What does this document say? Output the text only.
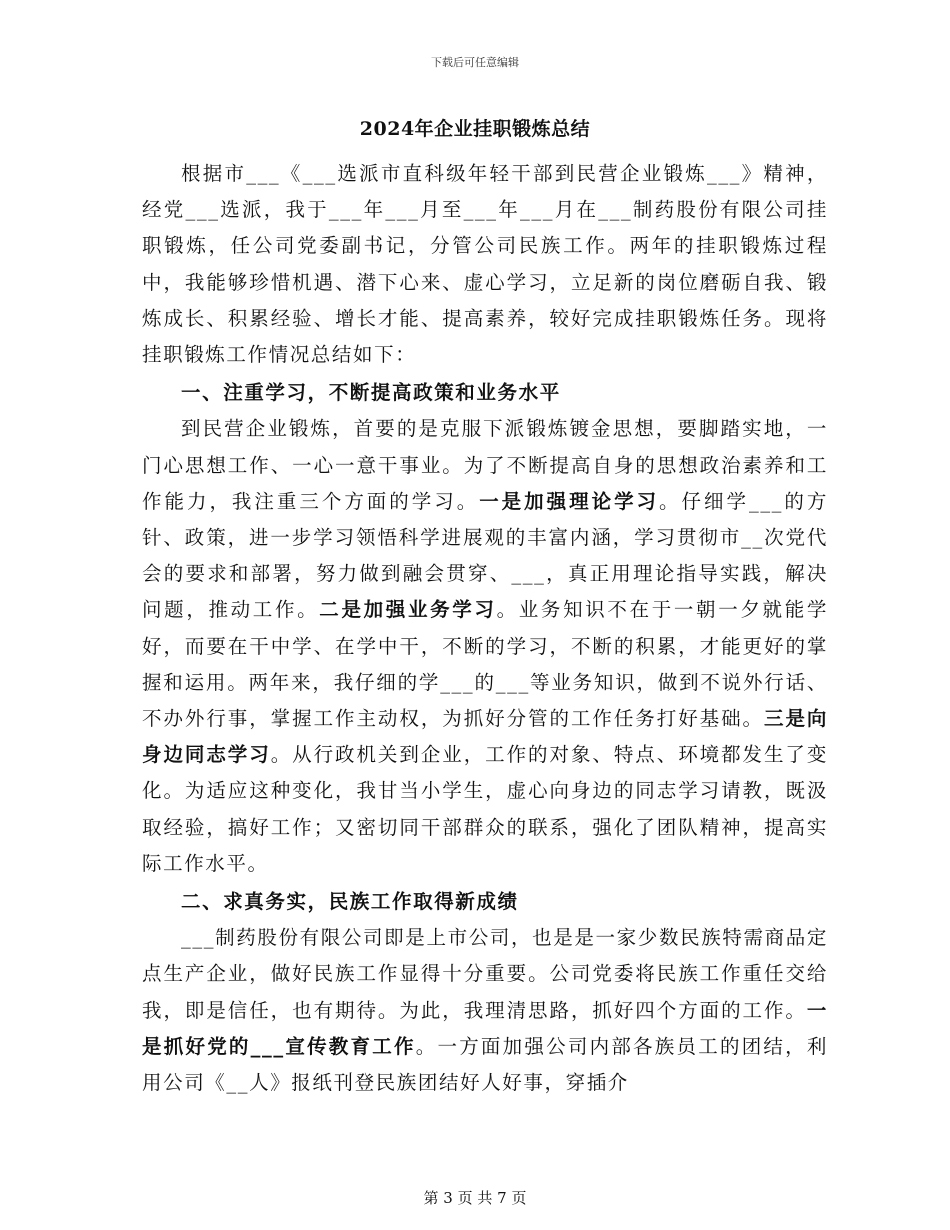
下载后可任意编辑
2024年企业挂职锻炼总结

根据市___《___选派市直科级年轻干部到民营企业锻炼___》精神，经党___选派，我于___年___月至___年___月在___制药股份有限公司挂职锻炼，任公司党委副书记，分管公司民族工作。两年的挂职锻炼过程中，我能够珍惜机遇、潜下心来、虚心学习，立足新的岗位磨砺自我、锻炼成长、积累经验、增长才能、提高素养，较好完成挂职锻炼任务。现将挂职锻炼工作情况总结如下：

一、注重学习，不断提高政策和业务水平

到民营企业锻炼，首要的是克服下派锻炼镀金思想，要脚踏实地，一门心思想工作、一心一意干事业。为了不断提高自身的思想政治素养和工作能力，我注重三个方面的学习。一是加强理论学习。仔细学___的方针、政策，进一步学习领悟科学进展观的丰富内涵，学习贯彻市__次党代会的要求和部署，努力做到融会贯穿、___，真正用理论指导实践，解决问题，推动工作。二是加强业务学习。业务知识不在于一朝一夕就能学好，而要在干中学、在学中干，不断的学习，不断的积累，才能更好的掌握和运用。两年来，我仔细的学___的___等业务知识，做到不说外行话、不办外行事，掌握工作主动权，为抓好分管的工作任务打好基础。三是向身边同志学习。从行政机关到企业，工作的对象、特点、环境都发生了变化。为适应这种变化，我甘当小学生，虚心向身边的同志学习请教，既汲取经验，搞好工作；又密切同干部群众的联系，强化了团队精神，提高实际工作水平。

二、求真务实，民族工作取得新成绩

___制药股份有限公司即是上市公司，也是是一家少数民族特需商品定点生产企业，做好民族工作显得十分重要。公司党委将民族工作重任交给我，即是信任，也有期待。为此，我理清思路，抓好四个方面的工作。一是抓好党的___宣传教育工作。一方面加强公司内部各族员工的团结，利用公司《__人》报纸刊登民族团结好人好事，穿插介

第 3 页 共 7 页
